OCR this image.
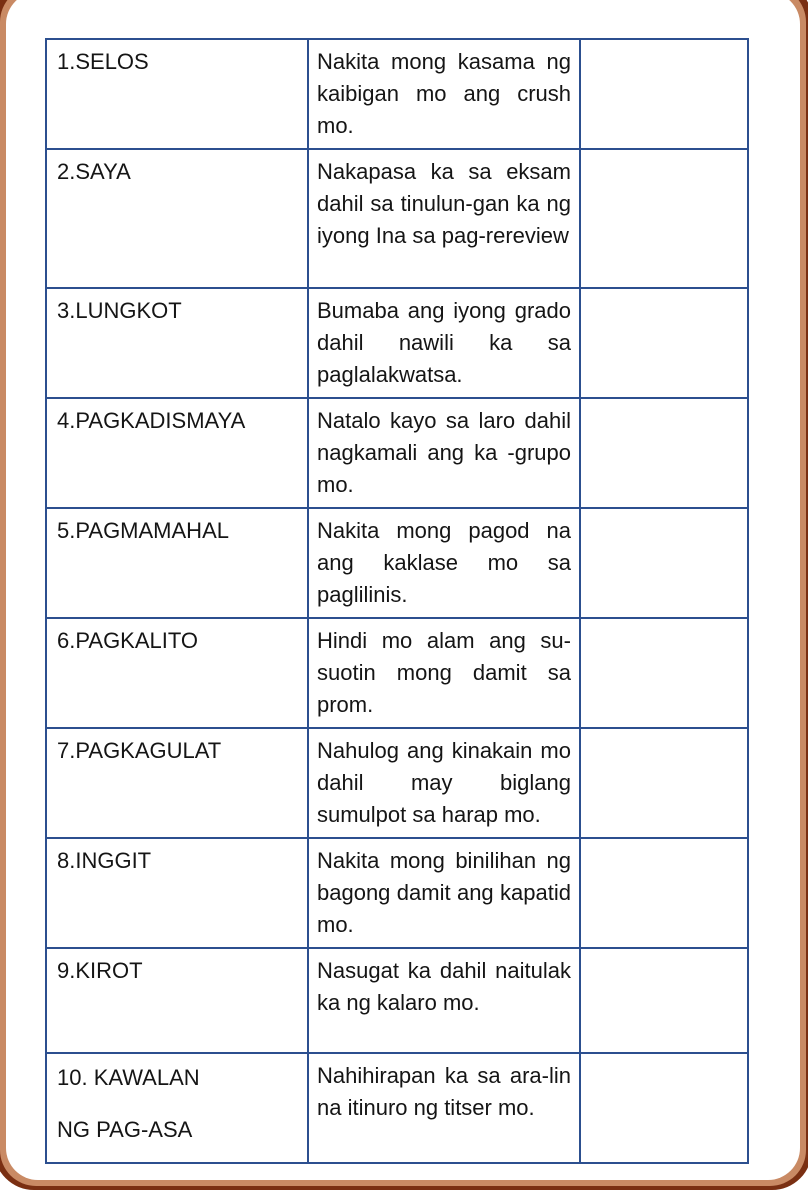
1.SELOS	Nakita mong kasama ng kaibigan mo ang crush mo.	

2.SAYA	Nakapasa ka sa eksam dahil sa tinulun-gan ka ng iyong Ina sa pag-rereview	

3.LUNGKOT	Bumaba ang iyong grado dahil nawili ka sa paglalakwatsa.	

4.PAGKADISMAYA	Natalo kayo sa laro dahil nagkamali ang ka -grupo mo.	

5.PAGMAMAHAL	Nakita mong pagod na ang kaklase mo sa paglilinis.	

6.PAGKALITO	Hindi mo alam ang su-suotin mong damit sa prom.	

7.PAGKAGULAT	Nahulog ang kinakain mo dahil may biglang sumulpot sa harap mo.	

8.INGGIT	Nakita mong binilihan ng bagong damit ang kapatid mo.	

9.KIROT	Nasugat ka dahil naitulak ka ng kalaro mo.	

10. KAWALAN NG PAG-ASA	Nahihirapan ka sa ara-lin na itinuro ng titser mo.	
